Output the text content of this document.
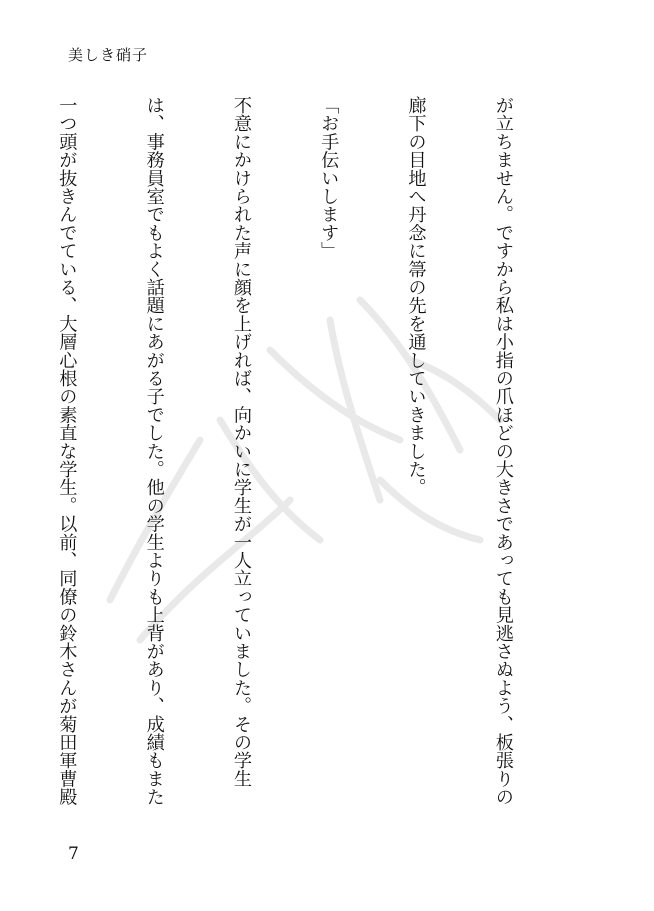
美しき硝子

が立ちません。ですから私は小指の爪ほどの大きさであっても見逃さぬよう、板張りの

廊下の目地へ丹念に箒の先を通していきました。

「お手伝いします」

不意にかけられた声に顔を上げれば、向かいに学生が一人立っていました。その学生

は、事務員室でもよく話題にあがる子でした。他の学生よりも上背があり、成績もまた

一つ頭が抜きんでている、大層心根の素直な学生。以前、同僚の鈴木さんが菊田軍曹殿

7
